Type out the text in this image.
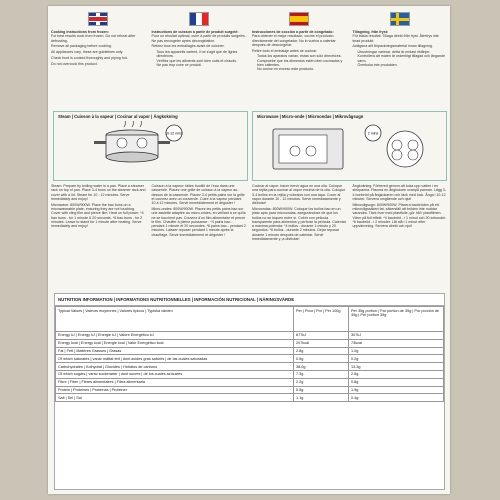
Cooking instructions from frozen:

For best results cook from frozen. Do not reheat after defrosting.

Remove all packaging before cooking.

All appliances vary, these are guidelines only.

Check food is cooked thoroughly and piping hot.

Do not overcook this product.

Instructions de cuisson à partir de produit surgelé:

Pour un résultat optimal, cuire à partir de produits surgelés. Ne pas recongeler après décongélation.

Retirez tous les emballages avant de cuisiner.

• Tous les appareils varient, il ne s'agit que de lignes directrices.
• Vérifiez que les aliments sont bien cuits et chauds.
• Ne pas trop cuire ce produit.
Instrucciones de cocción a partir de congelado:

Para obtener el mejor resultado, cocine el producto directamente del congelador. No lo vuelva a calentar después de descongelar.

Retire todo el embalaje antes de cocinar.

• Todos los aparatos varían, éstas son sólo directrices.
• Compruebe que los alimentos estén bien cocinados y bien calientes.
• No cocine en exceso este producto.
Tillagning, från fryst:

För bästa resultat: Tillaga direkt från fryst. Återfrys inte tinad produkt.

Avlägsna allt förpackningsmaterial innan tillagning.

• Utrustningar varierar, detta är endast riktlinjer.
• Kontrollera att maten är ordentligt tillagad och ångande varm.
• Överkoka inte produkten.
Steam | Cuisson à la vapeur | Cocinar al vapor | Ångkokning
10-12 mins
Microwave | Micro-onde | Microondas | Mikrovågsugn
2 mins

Steam: Prepare by boiling water in a pan. Place a steamer rack on top of pan. Place 3-4 buns on the steamer rack and cover with a lid. Steam for 10 - 12 minutes. Serve immediately and enjoy!

Microwave: 800W/900W. Place the bao buns on a microwaveable plate, ensuring they are not touching. Cover with cling film and pierce film. Heat on full power: *4 bao buns - for 1 minute & 20 seconds. *6 bao buns - for 2 minutes. Leave to stand for 1 minute after heating. Serve immediately and enjoy!

Cuisson à la vapeur: faites bouillir de l'eau dans une casserole. Placez une grille de cuisson à la vapeur au-dessus de la casserole. Placez 3-4 petits pains sur la grille et couvrez avec un couvercle. Cuire à la vapeur pendant 10 à 12 minutes. Servir immédiatement et déguster !

Micro-ondes: 800W/900W. Placez les petits pains bao sur une assiette adaptée au micro-ondes, en veillant à ce qu'ils ne se touchent pas. Couvrez d'un film alimentaire et percer le film. Chauffer à pleine puissance : *4 pains bao - pendant 1 minute et 20 secondes. *6 pains bao - pendant 2 minutes. Laisser reposer pendant 1 minute après la chauffage. Servir immédiatement et déguster !

Cocinar al vapor: hacer hervir agua en una olla. Coloque una rejilla para cocinar al vapor encima de la olla. Coloque 3-4 bollos en la rejilla y cúbralos con una tapa. Cocer al vapor durante 10 - 12 minutos. Servir inmediatamente y disfrutar!

Microondas: 800W/900W. Coloque los bollos bao en un plato apto para microondas, asegurándose de que los bollos no se toquen entre sí. Cubrir con película transparente para alimentos y perforar la película. Calentar a máxima potencia: *4 bollos - durante 1 minuto y 20 segundos. *6 bollos - durante 2 minutos. Dejar reposar durante 1 minuto después de calentar. Servir inmediatamente y ¡a disfrutar!

Ångkokning: Förbered genom att koka upp vatten i en stekpanna. Placera en ångkokare ovanpå pannan. Lägg 3-4 bonbröd på ångkokaren och täck med lock. Ånga i 10-12 minuter. Servera omgående och njut!

Mikrovågsugn: 800W/900W. Placera baobröden på ett mikrovågssäkert fat, säkerställ att bröden inte nuddar varandra. Täck över med plastfolie, gör hål i plastfilmen. Värm på full effekt: *4 baobröd - i 1 minut och 20 sekunder. *6 baobröd - i 2 minuter. Låt stå i 1 minut efter uppvärmning. Servera direkt och njut!

NUTRITION INFORMATION | INFORMATIONS NUTRITIONNELLES | INFORMACIÓN NUTRICIONAL | NÄRINGSVÄRDE
Typical Values | Valeurs moyennes | Valores típicos | Typiska värden	Per | Pour | Por | Per 100g	Per 35g portion | Par portion de 35g | Por porción de 35g | Per portion 35g
Energy kJ | Energy kJ | Energie kJ | Valore Energético kJ	877kJ	307kJ
Energy kcal | Energy kcal | Energie kcal | Valor Energético kcal	207kcal	73kcal
Fat | Fett | Matières Grasses | Grasas	2.8g	1.0g
Of which saturates | varav mättat fett | dont acides gras saturés | de las cuales saturadas	0.5g	0.2g
Carbohydrates | Kolhydrat | Glucides | Hidratos de carbono	38.0g	13.3g
Of which sugars | varav sockerarter | dont sucres | de los cuales azúcares	7.3g	2.6g
Fibre | Fiber | Fibres alimentaires | Fibra alimentaria	2.2g	0.8g
Protein | Proteines | Proteínas | Proteiner	5.5g	1.9g
Salt | Sel | Sal	1.1g	0.4g
